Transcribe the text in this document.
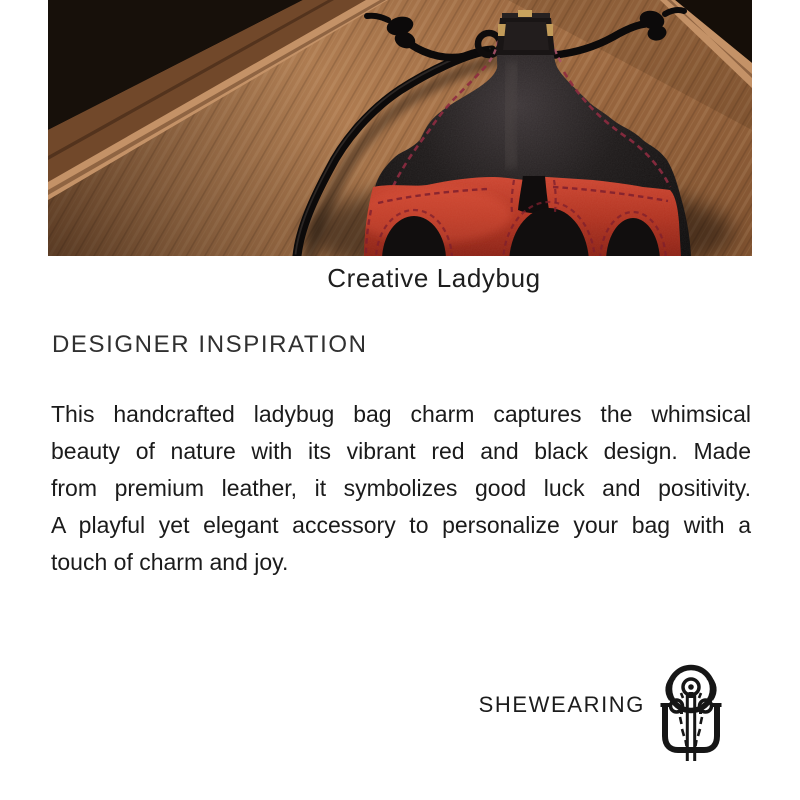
Creative Ladybug
DESIGNER INSPIRATION
This handcrafted ladybug bag charm captures the whimsical
beauty of nature with its vibrant red and black design. Made
from premium leather, it symbolizes good luck and positivity.
A playful yet elegant accessory to personalize your bag with a
touch of charm and joy.
SHEWEARING
